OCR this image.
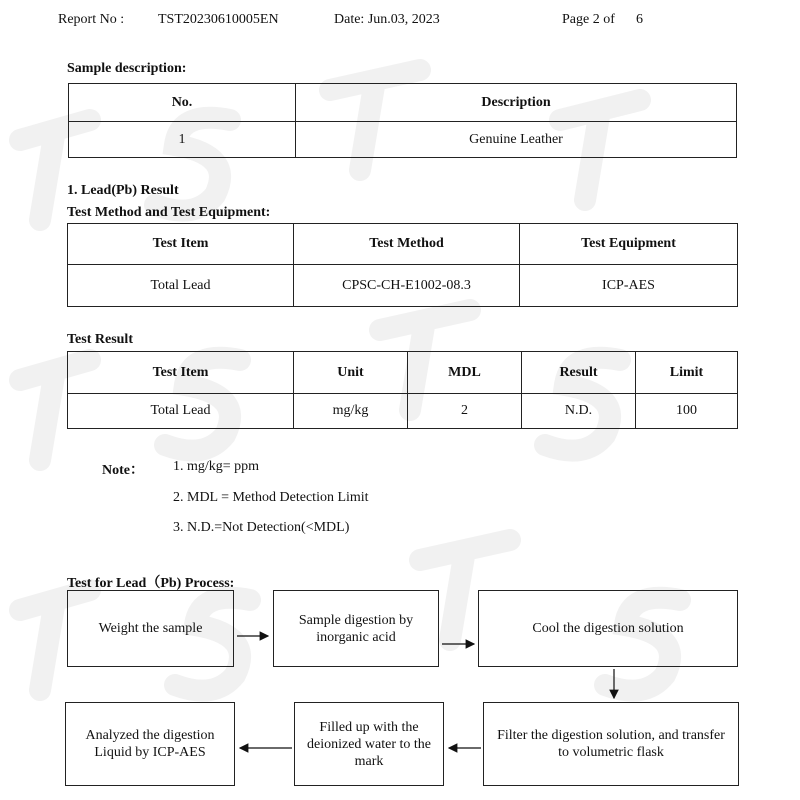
Report No : TST20230610005EN	Date: Jun.03, 2023	Page 2 of 6
Sample description:
No.	Description
1	Genuine Leather
1. Lead(Pb) Result
Test Method and Test Equipment:
Test Item	Test Method	Test Equipment
Total Lead	CPSC-CH-E1002-08.3	ICP-AES
Test Result
Test Item	Unit	MDL	Result	Limit
Total Lead	mg/kg	2	N.D.	100
Note： 1. mg/kg= ppm
2. MDL = Method Detection Limit
3. N.D.=Not Detection(<MDL)
Test for Lead（Pb) Process:
Weight the sample
Sample digestion by inorganic acid
Cool the digestion solution
Filter the digestion solution, and transfer to volumetric flask
Filled up with the deionized water to the mark
Analyzed the digestion Liquid by ICP-AES
